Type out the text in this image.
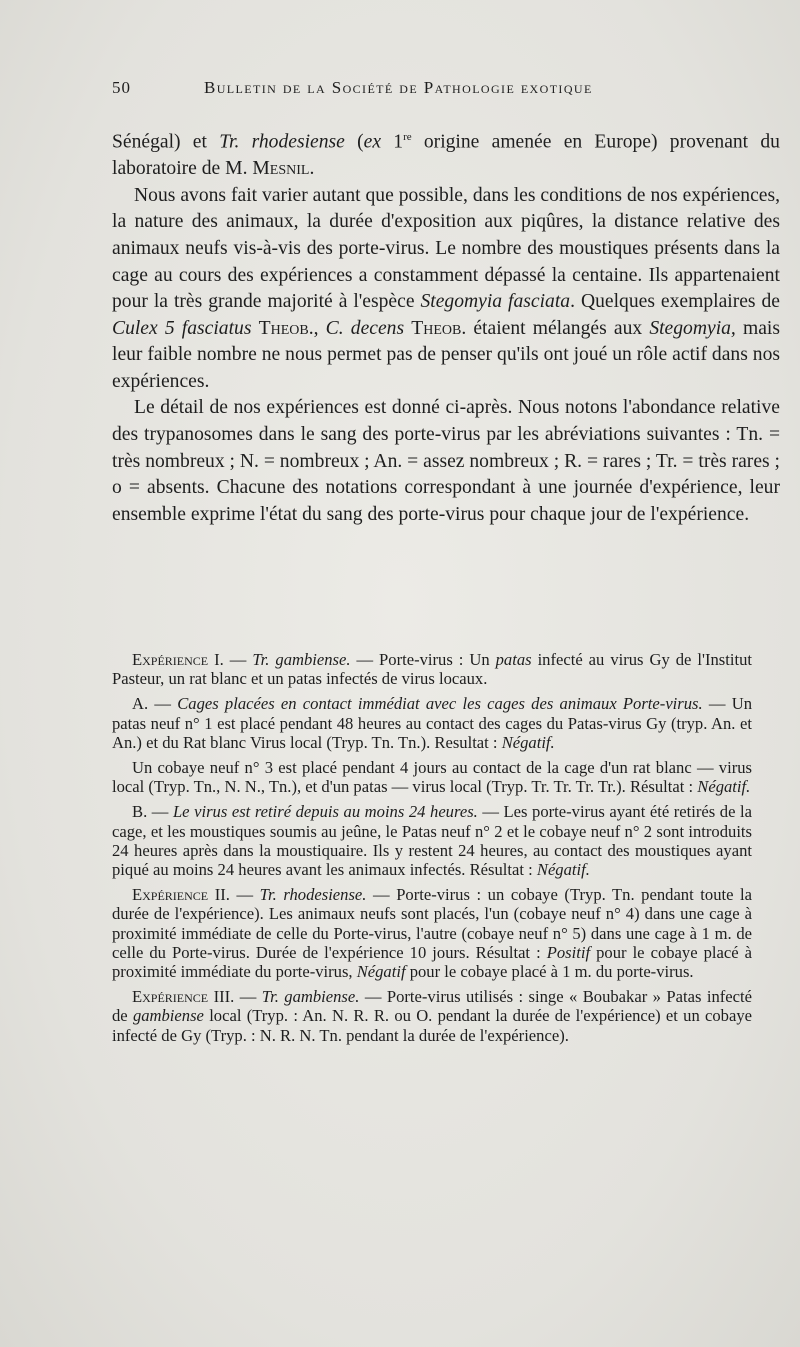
50	Bulletin de la Société de Pathologie exotique

Sénégal) et Tr. rhodesiense (ex 1re origine amenée en Europe) provenant du laboratoire de M. Mesnil.

Nous avons fait varier autant que possible, dans les conditions de nos expériences, la nature des animaux, la durée d'exposition aux piqûres, la distance relative des animaux neufs vis-à-vis des porte-virus. Le nombre des moustiques présents dans la cage au cours des expériences a constamment dépassé la centaine. Ils appartenaient pour la très grande majorité à l'espèce Stegomyia fasciata. Quelques exemplaires de Culex 5 fasciatus Theob., C. decens Theob. étaient mélangés aux Stegomyia, mais leur faible nombre ne nous permet pas de penser qu'ils ont joué un rôle actif dans nos expériences.

Le détail de nos expériences est donné ci-après. Nous notons l'abondance relative des trypanosomes dans le sang des porte-virus par les abréviations suivantes : Tn. = très nombreux ; N. = nombreux ; An. = assez nombreux ; R. = rares ; Tr. = très rares ; o = absents. Chacune des notations correspondant à une journée d'expérience, leur ensemble exprime l'état du sang des porte-virus pour chaque jour de l'expérience.

Expérience I. — Tr. gambiense. — Porte-virus : Un patas infecté au virus Gy de l'Institut Pasteur, un rat blanc et un patas infectés de virus locaux.

A. — Cages placées en contact immédiat avec les cages des animaux Porte-virus. — Un patas neuf n° 1 est placé pendant 48 heures au contact des cages du Patas-virus Gy (tryp. An. et An.) et du Rat blanc Virus local (Tryp. Tn. Tn.). Resultat : Négatif.

Un cobaye neuf n° 3 est placé pendant 4 jours au contact de la cage d'un rat blanc — virus local (Tryp. Tn., N. N., Tn.), et d'un patas — virus local (Tryp. Tr. Tr. Tr. Tr.). Résultat : Négatif.

B. — Le virus est retiré depuis au moins 24 heures. — Les porte-virus ayant été retirés de la cage, et les moustiques soumis au jeûne, le Patas neuf n° 2 et le cobaye neuf n° 2 sont introduits 24 heures après dans la moustiquaire. Ils y restent 24 heures, au contact des moustiques ayant piqué au moins 24 heures avant les animaux infectés. Résultat : Négatif.

Expérience II. — Tr. rhodesiense. — Porte-virus : un cobaye (Tryp. Tn. pendant toute la durée de l'expérience). Les animaux neufs sont placés, l'un (cobaye neuf n° 4) dans une cage à proximité immédiate de celle du Porte-virus, l'autre (cobaye neuf n° 5) dans une cage à 1 m. de celle du Porte-virus. Durée de l'expérience 10 jours. Résultat : Positif pour le cobaye placé à proximité immédiate du porte-virus, Négatif pour le cobaye placé à 1 m. du porte-virus.

Expérience III. — Tr. gambiense. — Porte-virus utilisés : singe « Boubakar » Patas infecté de gambiense local (Tryp. : An. N. R. R. ou O. pendant la durée de l'expérience) et un cobaye infecté de Gy (Tryp. : N. R. N. Tn. pendant la durée de l'expérience).
